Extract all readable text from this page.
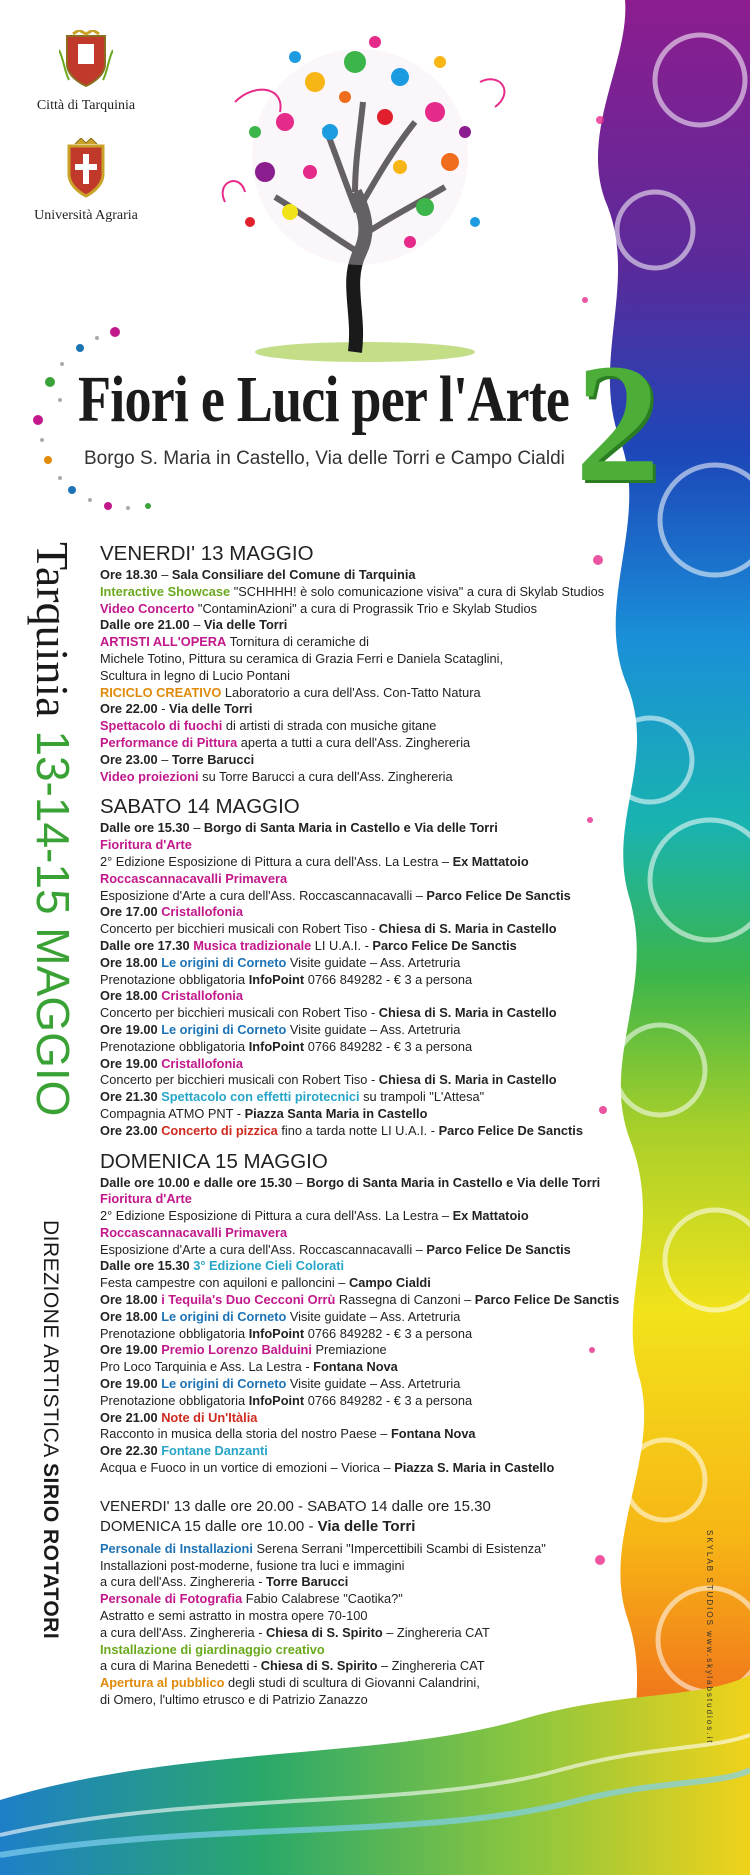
Città di Tarquinia
Università Agraria
Fiori e Luci per l'Arte 2
Borgo S. Maria in Castello, Via delle Torri e Campo Cialdi
Tarquinia 13-14-15 MAGGIO
DIREZIONE ARTISTICA SIRIO ROTATORI	SKYLAB STUDIOS www.skylabstudios.it
VENERDI' 13 MAGGIO
Ore 18.30 – Sala Consiliare del Comune di Tarquinia
Interactive Showcase "SCHHHH! è solo comunicazione visiva" a cura di Skylab Studios
Video Concerto "ContaminAzioni" a cura di Prograssik Trio e Skylab Studios
Dalle ore 21.00 – Via delle Torri
ARTISTI ALL'OPERA Tornitura di ceramiche di
Michele Totino, Pittura su ceramica di Grazia Ferri e Daniela Scataglini,
Scultura in legno di Lucio Pontani
RICICLO CREATIVO Laboratorio a cura dell'Ass. Con-Tatto Natura
Ore 22.00 - Via delle Torri
Spettacolo di fuochi di artisti di strada con musiche gitane
Performance di Pittura aperta a tutti a cura dell'Ass. Zinghereria
Ore 23.00 – Torre Barucci
Video proiezioni su Torre Barucci a cura dell'Ass. Zinghereria
SABATO 14 MAGGIO
Dalle ore 15.30 – Borgo di Santa Maria in Castello e Via delle Torri
Fioritura d'Arte
2° Edizione Esposizione di Pittura a cura dell'Ass. La Lestra – Ex Mattatoio
Roccascannacavalli Primavera
Esposizione d'Arte a cura dell'Ass. Roccascannacavalli – Parco Felice De Sanctis
Ore 17.00 Cristallofonia
Concerto per bicchieri musicali con Robert Tiso - Chiesa di S. Maria in Castello
Dalle ore 17.30 Musica tradizionale LI U.A.I. - Parco Felice De Sanctis
Ore 18.00 Le origini di Corneto Visite guidate – Ass. Artetruria
Prenotazione obbligatoria InfoPoint 0766 849282 - € 3 a persona
Ore 18.00 Cristallofonia
Concerto per bicchieri musicali con Robert Tiso - Chiesa di S. Maria in Castello
Ore 19.00 Le origini di Corneto Visite guidate – Ass. Artetruria
Prenotazione obbligatoria InfoPoint 0766 849282 - € 3 a persona
Ore 19.00 Cristallofonia
Concerto per bicchieri musicali con Robert Tiso - Chiesa di S. Maria in Castello
Ore 21.30 Spettacolo con effetti pirotecnici su trampoli "L'Attesa"
Compagnia ATMO PNT - Piazza Santa Maria in Castello
Ore 23.00 Concerto di pizzica fino a tarda notte LI U.A.I. - Parco Felice De Sanctis
DOMENICA 15 MAGGIO
Dalle ore 10.00 e dalle ore 15.30 – Borgo di Santa Maria in Castello e Via delle Torri
Fioritura d'Arte
2° Edizione Esposizione di Pittura a cura dell'Ass. La Lestra – Ex Mattatoio
Roccascannacavalli Primavera
Esposizione d'Arte a cura dell'Ass. Roccascannacavalli – Parco Felice De Sanctis
Dalle ore 15.30 3° Edizione Cieli Colorati
Festa campestre con aquiloni e palloncini – Campo Cialdi
Ore 18.00 i Tequila's Duo Cecconi Orrù Rassegna di Canzoni – Parco Felice De Sanctis
Ore 18.00 Le origini di Corneto Visite guidate – Ass. Artetruria
Prenotazione obbligatoria InfoPoint 0766 849282 - € 3 a persona
Ore 19.00 Premio Lorenzo Balduini Premiazione
Pro Loco Tarquinia e Ass. La Lestra - Fontana Nova
Ore 19.00 Le origini di Corneto Visite guidate – Ass. Artetruria
Prenotazione obbligatoria InfoPoint 0766 849282 - € 3 a persona
Ore 21.00 Note di Un'Itàlia
Racconto in musica della storia del nostro Paese – Fontana Nova
Ore 22.30 Fontane Danzanti
Acqua e Fuoco in un vortice di emozioni – Viorica – Piazza S. Maria in Castello
VENERDI' 13 dalle ore 20.00 - SABATO 14 dalle ore 15.30
DOMENICA 15 dalle ore 10.00 - Via delle Torri
Personale di Installazioni Serena Serrani "Impercettibili Scambi di Esistenza"
Installazioni post-moderne, fusione tra luci e immagini
a cura dell'Ass. Zinghereria - Torre Barucci
Personale di Fotografia Fabio Calabrese "Caotika?"
Astratto e semi astratto in mostra opere 70-100
a cura dell'Ass. Zinghereria - Chiesa di S. Spirito – Zinghereria CAT
Installazione di giardinaggio creativo
a cura di Marina Benedetti - Chiesa di S. Spirito – Zinghereria CAT
Apertura al pubblico degli studi di scultura di Giovanni Calandrini,
di Omero, l'ultimo etrusco e di Patrizio Zanazzo
